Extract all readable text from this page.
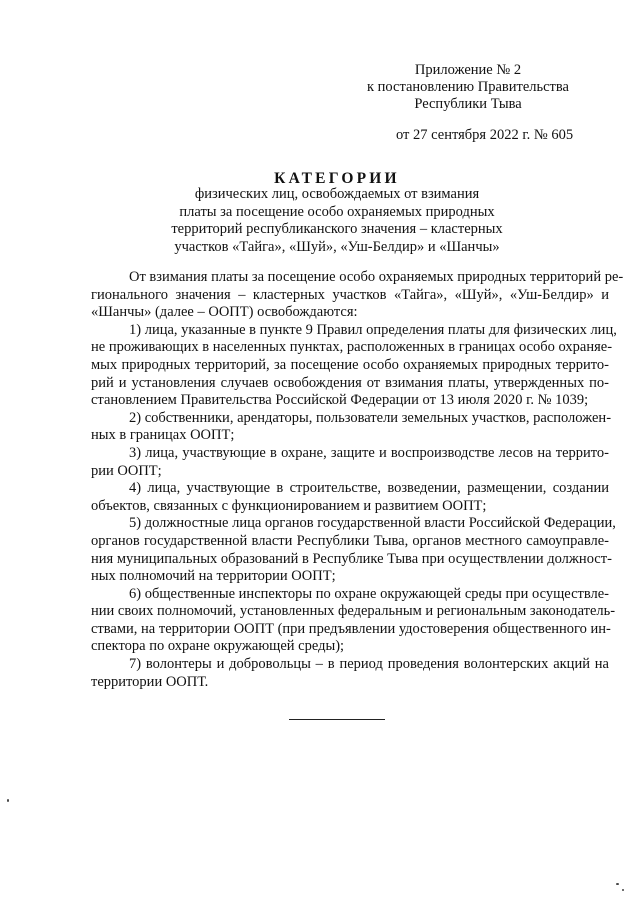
Приложение № 2
к постановлению Правительства
Республики Тыва
от 27 сентября 2022 г. № 605
КАТЕГОРИИ
физических лиц, освобождаемых от взимания
платы за посещение особо охраняемых природных
территорий республиканского значения – кластерных
участков «Тайга», «Шуй», «Уш-Белдир» и «Шанчы»
От взимания платы за посещение особо охраняемых природных территорий ре-
гионального значения – кластерных участков «Тайга», «Шуй», «Уш-Белдир» и
«Шанчы» (далее – ООПТ) освобождаются:
1) лица, указанные в пункте 9 Правил определения платы для физических лиц,
не проживающих в населенных пунктах, расположенных в границах особо охраняе-
мых природных территорий, за посещение особо охраняемых природных террито-
рий и установления случаев освобождения от взимания платы, утвержденных по-
становлением Правительства Российской Федерации от 13 июля 2020 г. № 1039;
2) собственники, арендаторы, пользователи земельных участков, расположен-
ных в границах ООПТ;
3) лица, участвующие в охране, защите и воспроизводстве лесов на террито-
рии ООПТ;
4) лица, участвующие в строительстве, возведении, размещении, создании
объектов, связанных с функционированием и развитием ООПТ;
5) должностные лица органов государственной власти Российской Федерации,
органов государственной власти Республики Тыва, органов местного самоуправле-
ния муниципальных образований в Республике Тыва при осуществлении должност-
ных полномочий на территории ООПТ;
6) общественные инспекторы по охране окружающей среды при осуществле-
нии своих полномочий, установленных федеральным и региональным законодатель-
ствами, на территории ООПТ (при предъявлении удостоверения общественного ин-
спектора по охране окружающей среды);
7) волонтеры и добровольцы – в период проведения волонтерских акций на
территории ООПТ.
